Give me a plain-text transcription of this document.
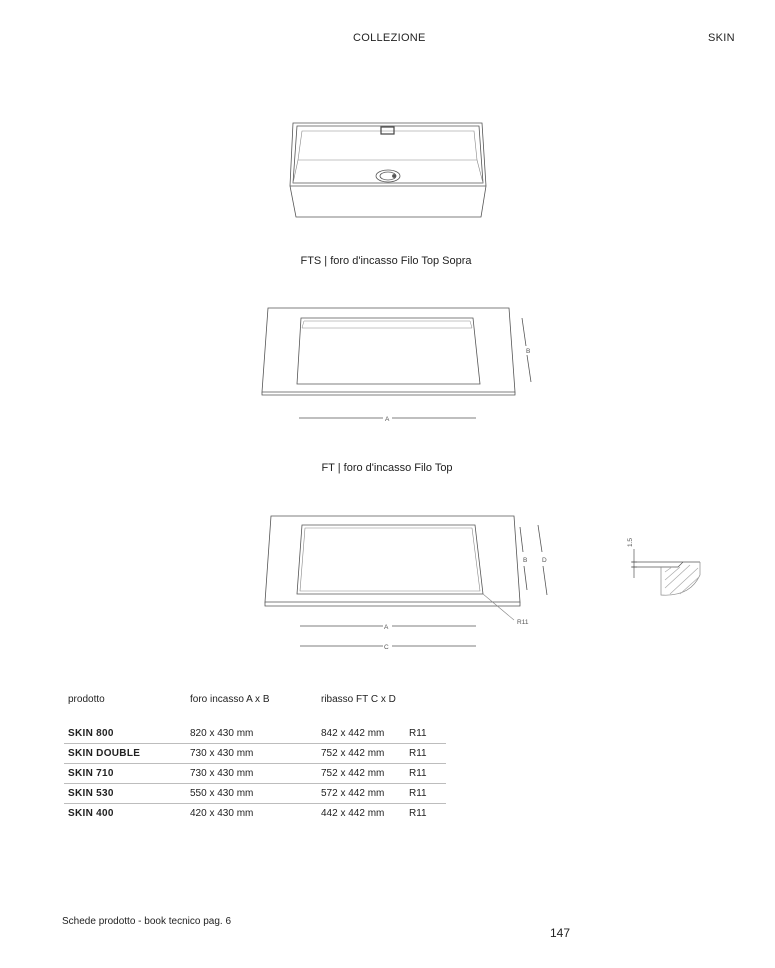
COLLEZIONE	SKIN
A
B
A
C
B D
R11
1.5
FTS | foro d'incasso Filo Top Sopra
FT | foro d'incasso Filo Top
prodotto	foro incasso A x B	ribasso FT C x D	
SKIN 800	820 x 430 mm	842 x 442 mm	R11
SKIN DOUBLE	730 x 430 mm	752 x 442 mm	R11
SKIN 710	730 x 430 mm	752 x 442 mm	R11
SKIN 530	550 x 430 mm	572 x 442 mm	R11
SKIN 400	420 x 430 mm	442 x 442 mm	R11
Schede prodotto - book tecnico pag. 6
147
